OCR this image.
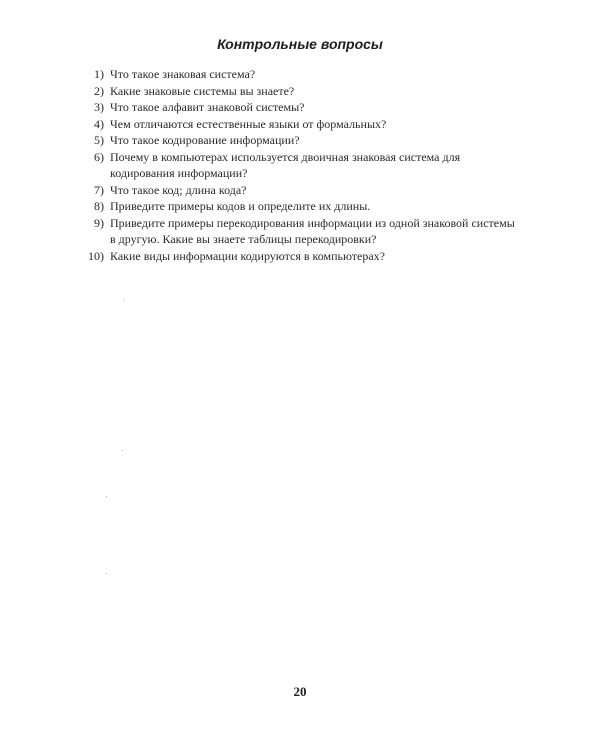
Контрольные вопросы
1) Что такое знаковая система?
2) Какие знаковые системы вы знаете?
3) Что такое алфавит знаковой системы?
4) Чем отличаются естественные языки от формальных?
5) Что такое кодирование информации?
6) Почему в компьютерах используется двоичная знаковая система для кодирования информации?
7) Что такое код; длина кода?
8) Приведите примеры кодов и определите их длины.
9) Приведите примеры перекодирования информации из одной знаковой системы в другую. Какие вы знаете таблицы перекодировки?
10) Какие виды информации кодируются в компьютерах?
20
